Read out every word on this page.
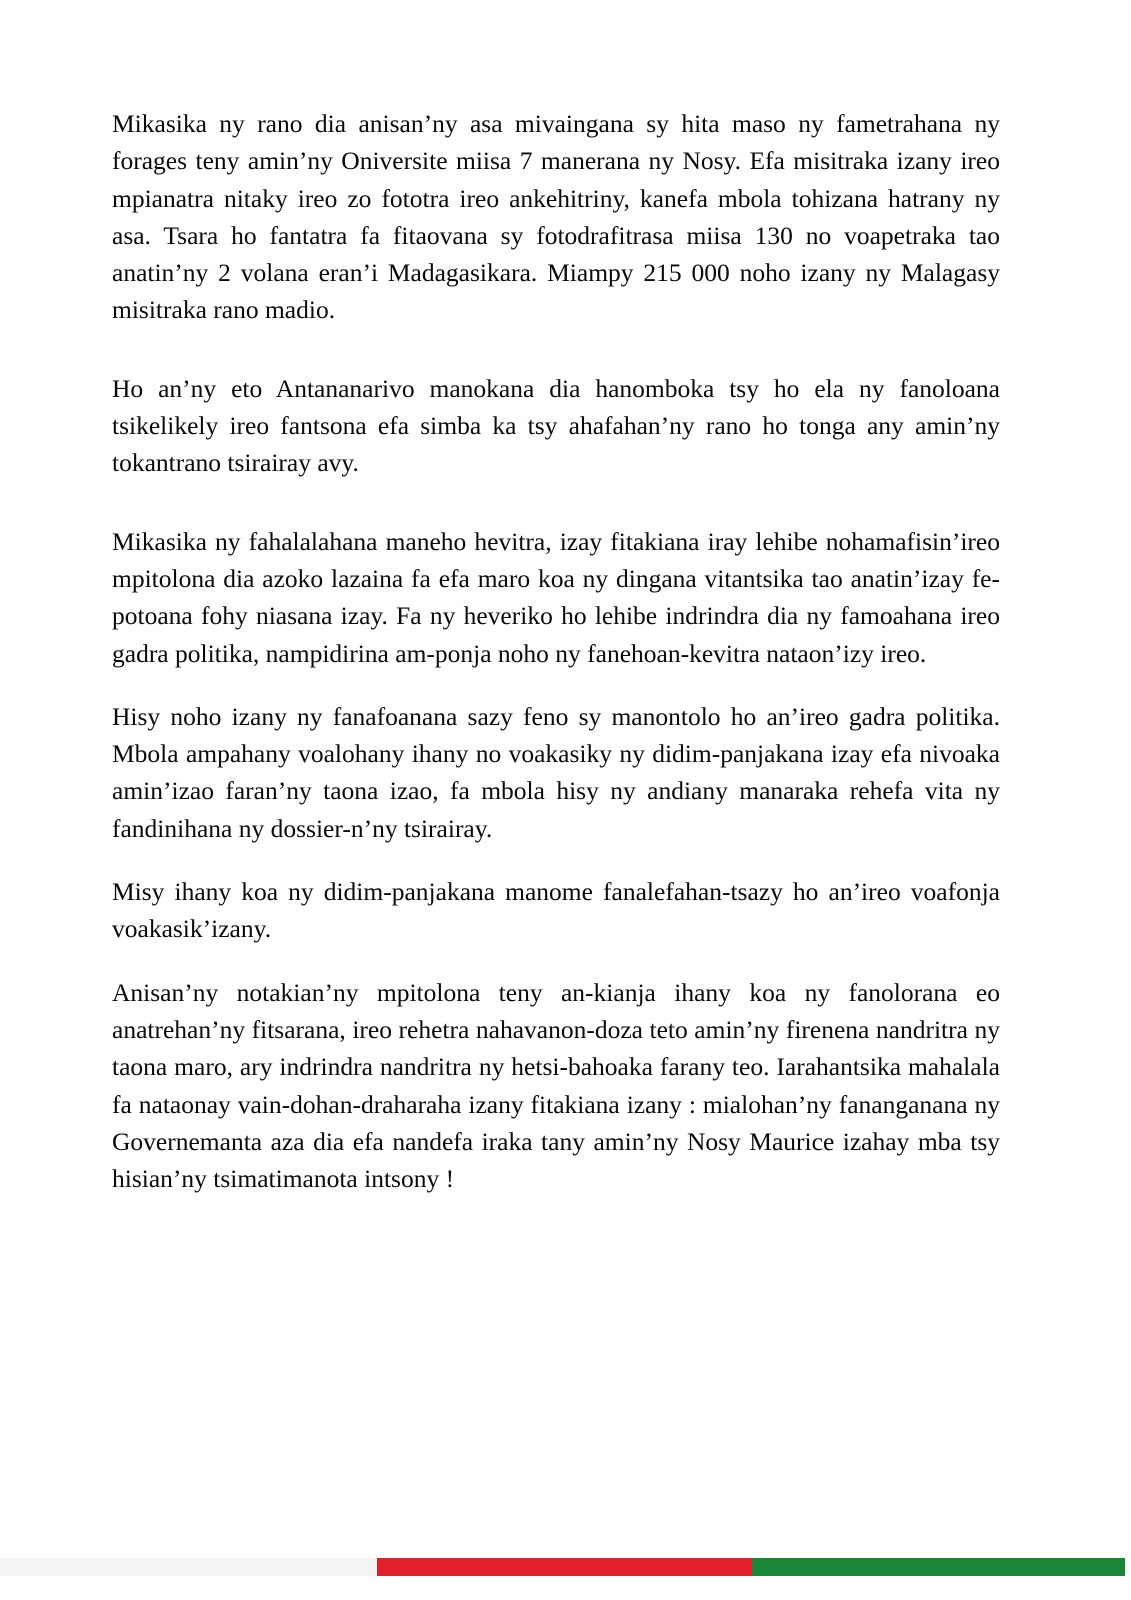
Mikasika ny rano dia anisan’ny asa mivaingana sy hita maso ny fametrahana ny forages teny amin’ny Oniversite miisa 7 manerana ny Nosy. Efa misitraka izany ireo mpianatra nitaky ireo zo fototra ireo ankehitriny, kanefa mbola tohizana hatrany ny asa. Tsara ho fantatra fa fitaovana sy fotodrafitrasa miisa 130 no voapetraka tao anatin’ny 2 volana eran’i Madagasikara. Miampy 215 000 noho izany ny Malagasy misitraka rano madio.

Ho an’ny eto Antananarivo manokana dia hanomboka tsy ho ela ny fanoloana tsikelikely ireo fantsona efa simba ka tsy ahafahan’ny rano ho tonga any amin’ny tokantrano tsirairay avy.

Mikasika ny fahalalahana maneho hevitra, izay fitakiana iray lehibe nohamafisin’ireo mpitolona dia azoko lazaina fa efa maro koa ny dingana vitantsika tao anatin’izay fe-potoana fohy niasana izay. Fa ny heveriko ho lehibe indrindra dia ny famoahana ireo gadra politika, nampidirina am-ponja noho ny fanehoan-kevitra nataon’izy ireo.

Hisy noho izany ny fanafoanana sazy feno sy manontolo ho an’ireo gadra politika. Mbola ampahany voalohany ihany no voakasiky ny didim-panjakana izay efa nivoaka amin’izao faran’ny taona izao, fa mbola hisy ny andiany manaraka rehefa vita ny fandinihana ny dossier-n’ny tsirairay.

Misy ihany koa ny didim-panjakana manome fanalefahan-tsazy ho an’ireo voafonja voakasik’izany.

Anisan’ny notakian’ny mpitolona teny an-kianja ihany koa ny fanolorana eo anatrehan’ny fitsarana, ireo rehetra nahavanon-doza teto amin’ny firenena nandritra ny taona maro, ary indrindra nandritra ny hetsi-bahoaka farany teo. Iarahantsika mahalala fa nataonay vain-dohan-draharaha izany fitakiana izany : mialohan’ny fananganana ny Governemanta aza dia efa nandefa iraka tany amin’ny Nosy Maurice izahay mba tsy hisian’ny tsimatimanota intsony !
